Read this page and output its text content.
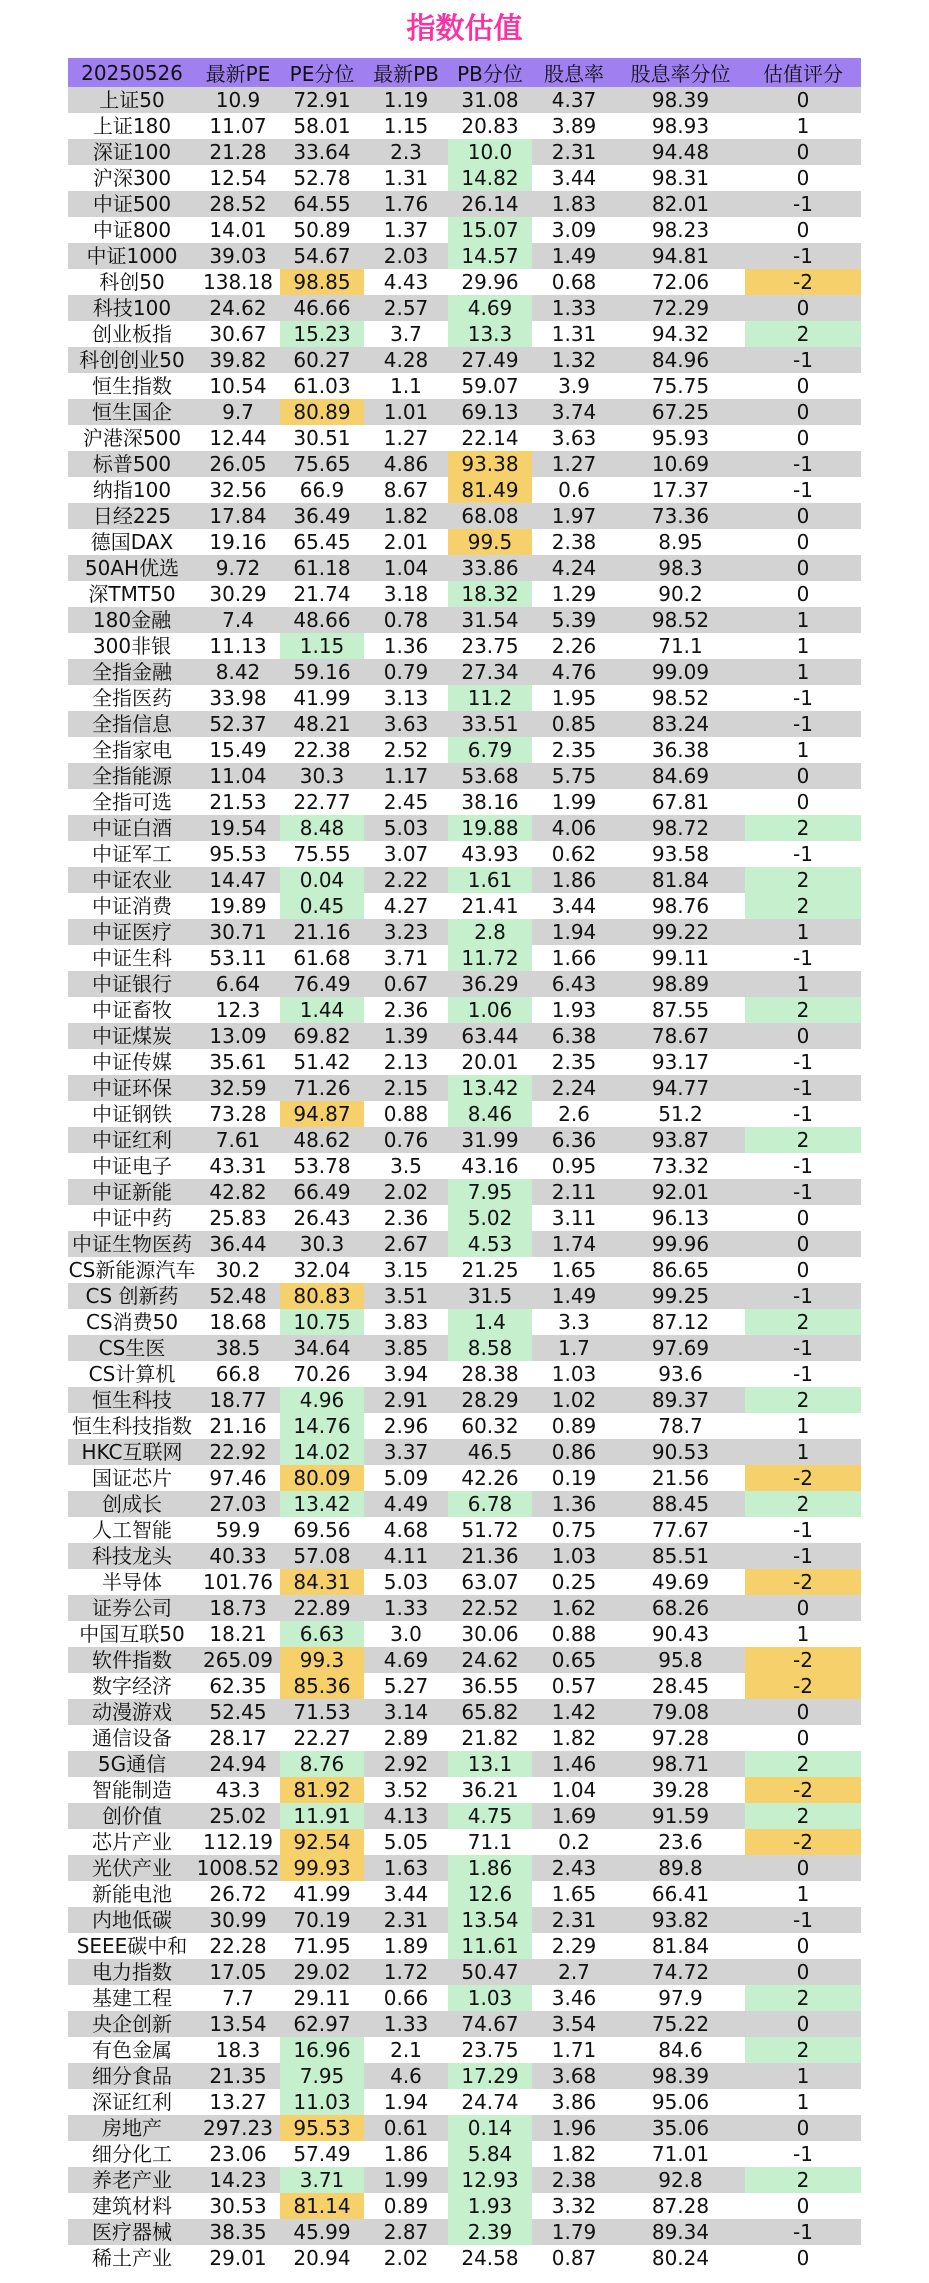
指数估值
20250526	最新PE	PE分位	最新PB	PB分位	股息率	股息率分位	估值评分
上证50	10.9	72.91	1.19	31.08	4.37	98.39	0
上证180	11.07	58.01	1.15	20.83	3.89	98.93	1
深证100	21.28	33.64	2.3	10.0	2.31	94.48	0
沪深300	12.54	52.78	1.31	14.82	3.44	98.31	0
中证500	28.52	64.55	1.76	26.14	1.83	82.01	-1
中证800	14.01	50.89	1.37	15.07	3.09	98.23	0
中证1000	39.03	54.67	2.03	14.57	1.49	94.81	-1
科创50	138.18	98.85	4.43	29.96	0.68	72.06	-2
科技100	24.62	46.66	2.57	4.69	1.33	72.29	0
创业板指	30.67	15.23	3.7	13.3	1.31	94.32	2
科创创业50	39.82	60.27	4.28	27.49	1.32	84.96	-1
恒生指数	10.54	61.03	1.1	59.07	3.9	75.75	0
恒生国企	9.7	80.89	1.01	69.13	3.74	67.25	0
沪港深500	12.44	30.51	1.27	22.14	3.63	95.93	0
标普500	26.05	75.65	4.86	93.38	1.27	10.69	-1
纳指100	32.56	66.9	8.67	81.49	0.6	17.37	-1
日经225	17.84	36.49	1.82	68.08	1.97	73.36	0
德国DAX	19.16	65.45	2.01	99.5	2.38	8.95	0
50AH优选	9.72	61.18	1.04	33.86	4.24	98.3	0
深TMT50	30.29	21.74	3.18	18.32	1.29	90.2	0
180金融	7.4	48.66	0.78	31.54	5.39	98.52	1
300非银	11.13	1.15	1.36	23.75	2.26	71.1	1
全指金融	8.42	59.16	0.79	27.34	4.76	99.09	1
全指医药	33.98	41.99	3.13	11.2	1.95	98.52	-1
全指信息	52.37	48.21	3.63	33.51	0.85	83.24	-1
全指家电	15.49	22.38	2.52	6.79	2.35	36.38	1
全指能源	11.04	30.3	1.17	53.68	5.75	84.69	0
全指可选	21.53	22.77	2.45	38.16	1.99	67.81	0
中证白酒	19.54	8.48	5.03	19.88	4.06	98.72	2
中证军工	95.53	75.55	3.07	43.93	0.62	93.58	-1
中证农业	14.47	0.04	2.22	1.61	1.86	81.84	2
中证消费	19.89	0.45	4.27	21.41	3.44	98.76	2
中证医疗	30.71	21.16	3.23	2.8	1.94	99.22	1
中证生科	53.11	61.68	3.71	11.72	1.66	99.11	-1
中证银行	6.64	76.49	0.67	36.29	6.43	98.89	1
中证畜牧	12.3	1.44	2.36	1.06	1.93	87.55	2
中证煤炭	13.09	69.82	1.39	63.44	6.38	78.67	0
中证传媒	35.61	51.42	2.13	20.01	2.35	93.17	-1
中证环保	32.59	71.26	2.15	13.42	2.24	94.77	-1
中证钢铁	73.28	94.87	0.88	8.46	2.6	51.2	-1
中证红利	7.61	48.62	0.76	31.99	6.36	93.87	2
中证电子	43.31	53.78	3.5	43.16	0.95	73.32	-1
中证新能	42.82	66.49	2.02	7.95	2.11	92.01	-1
中证中药	25.83	26.43	2.36	5.02	3.11	96.13	0
中证生物医药	36.44	30.3	2.67	4.53	1.74	99.96	0
CS新能源汽车	30.2	32.04	3.15	21.25	1.65	86.65	0
CS 创新药	52.48	80.83	3.51	31.5	1.49	99.25	-1
CS消费50	18.68	10.75	3.83	1.4	3.3	87.12	2
CS生医	38.5	34.64	3.85	8.58	1.7	97.69	-1
CS计算机	66.8	70.26	3.94	28.38	1.03	93.6	-1
恒生科技	18.77	4.96	2.91	28.29	1.02	89.37	2
恒生科技指数	21.16	14.76	2.96	60.32	0.89	78.7	1
HKC互联网	22.92	14.02	3.37	46.5	0.86	90.53	1
国证芯片	97.46	80.09	5.09	42.26	0.19	21.56	-2
创成长	27.03	13.42	4.49	6.78	1.36	88.45	2
人工智能	59.9	69.56	4.68	51.72	0.75	77.67	-1
科技龙头	40.33	57.08	4.11	21.36	1.03	85.51	-1
半导体	101.76	84.31	5.03	63.07	0.25	49.69	-2
证券公司	18.73	22.89	1.33	22.52	1.62	68.26	0
中国互联50	18.21	6.63	3.0	30.06	0.88	90.43	1
软件指数	265.09	99.3	4.69	24.62	0.65	95.8	-2
数字经济	62.35	85.36	5.27	36.55	0.57	28.45	-2
动漫游戏	52.45	71.53	3.14	65.82	1.42	79.08	0
通信设备	28.17	22.27	2.89	21.82	1.82	97.28	0
5G通信	24.94	8.76	2.92	13.1	1.46	98.71	2
智能制造	43.3	81.92	3.52	36.21	1.04	39.28	-2
创价值	25.02	11.91	4.13	4.75	1.69	91.59	2
芯片产业	112.19	92.54	5.05	71.1	0.2	23.6	-2
光伏产业	1008.52	99.93	1.63	1.86	2.43	89.8	0
新能电池	26.72	41.99	3.44	12.6	1.65	66.41	1
内地低碳	30.99	70.19	2.31	13.54	2.31	93.82	-1
SEEE碳中和	22.28	71.95	1.89	11.61	2.29	81.84	0
电力指数	17.05	29.02	1.72	50.47	2.7	74.72	0
基建工程	7.7	29.11	0.66	1.03	3.46	97.9	2
央企创新	13.54	62.97	1.33	74.67	3.54	75.22	0
有色金属	18.3	16.96	2.1	23.75	1.71	84.6	2
细分食品	21.35	7.95	4.6	17.29	3.68	98.39	1
深证红利	13.27	11.03	1.94	24.74	3.86	95.06	1
房地产	297.23	95.53	0.61	0.14	1.96	35.06	0
细分化工	23.06	57.49	1.86	5.84	1.82	71.01	-1
养老产业	14.23	3.71	1.99	12.93	2.38	92.8	2
建筑材料	30.53	81.14	0.89	1.93	3.32	87.28	0
医疗器械	38.35	45.99	2.87	2.39	1.79	89.34	-1
稀土产业	29.01	20.94	2.02	24.58	0.87	80.24	0
